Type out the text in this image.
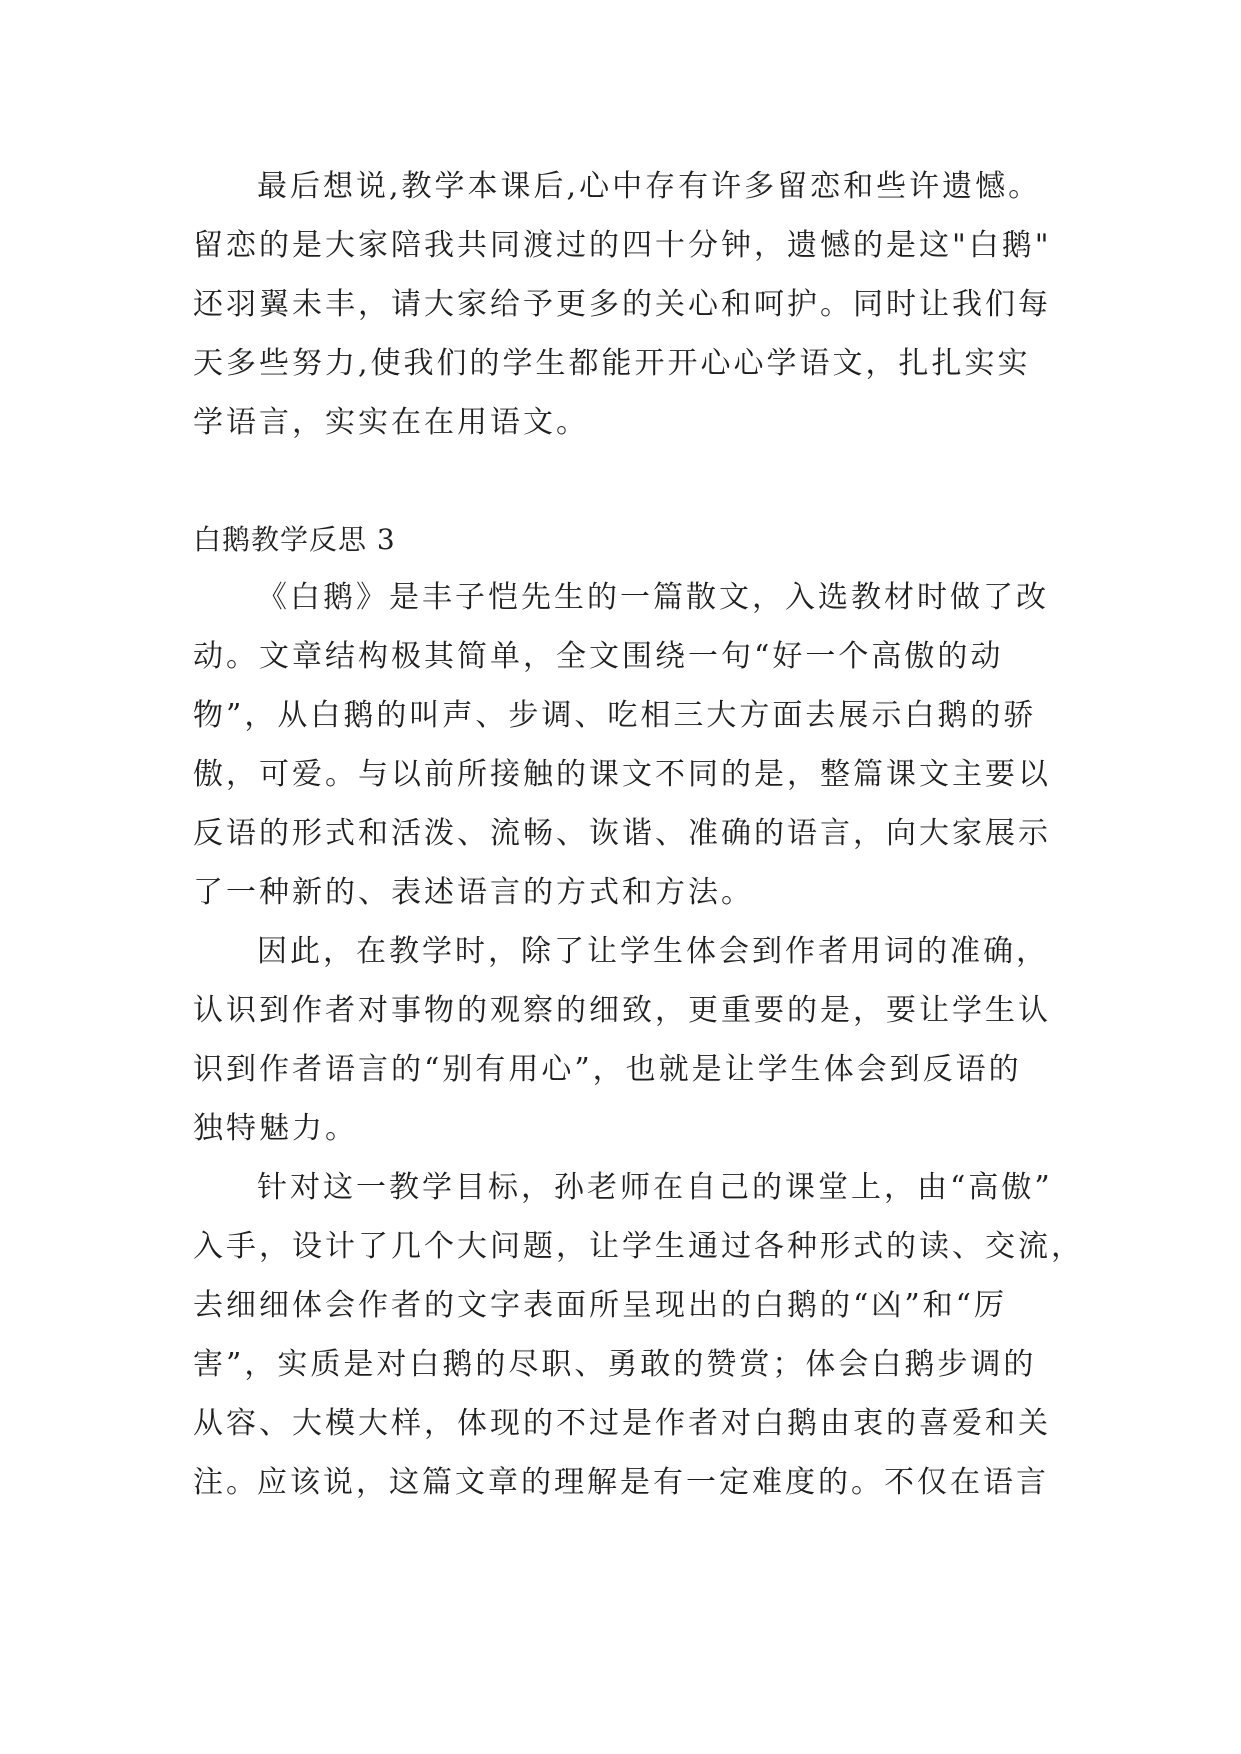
最后想说,教学本课后,心中存有许多留恋和些许遗憾。
留恋的是大家陪我共同渡过的四十分钟，遗憾的是这"白鹅"
还羽翼未丰，请大家给予更多的关心和呵护。同时让我们每
天多些努力,使我们的学生都能开开心心学语文，扎扎实实
学语言，实实在在用语文。
白鹅教学反思 3
《白鹅》是丰子恺先生的一篇散文，入选教材时做了改
动。文章结构极其简单，全文围绕一句“好一个高傲的动
物”，从白鹅的叫声、步调、吃相三大方面去展示白鹅的骄
傲，可爱。与以前所接触的课文不同的是，整篇课文主要以
反语的形式和活泼、流畅、诙谐、准确的语言，向大家展示
了一种新的、表述语言的方式和方法。
因此，在教学时，除了让学生体会到作者用词的准确，
认识到作者对事物的观察的细致，更重要的是，要让学生认
识到作者语言的“别有用心”，也就是让学生体会到反语的
独特魅力。
针对这一教学目标，孙老师在自己的课堂上，由“高傲”
入手，设计了几个大问题，让学生通过各种形式的读、交流，
去细细体会作者的文字表面所呈现出的白鹅的“凶”和“厉
害”，实质是对白鹅的尽职、勇敢的赞赏；体会白鹅步调的
从容、大模大样，体现的不过是作者对白鹅由衷的喜爱和关
注。
应该说，这篇文章的理解是有一定难度的。不仅在语言
